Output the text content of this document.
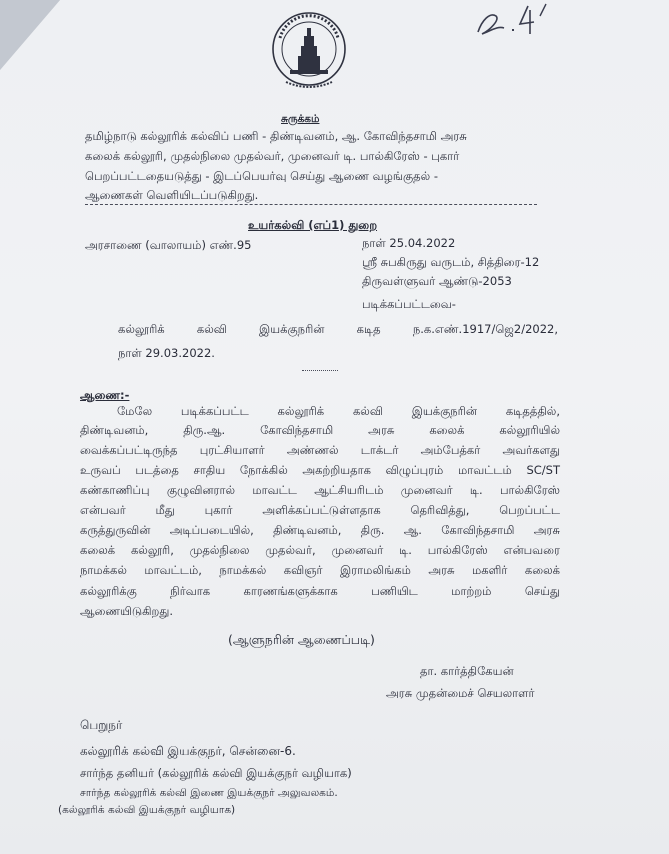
சுருக்கம்
தமிழ்நாடு கல்லூரிக் கல்விப் பணி - திண்டிவனம், ஆ. கோவிந்தசாமி அரசு
கலைக் கல்லூரி, முதல்நிலை முதல்வர், முனைவர் டி. பால்கிரேஸ் - புகார்
பெறப்பட்டதையடுத்து - இடப்பெயர்வு செய்து ஆணை வழங்குதல் -
ஆணைகள் வெளியிடப்படுகிறது.
உயர்கல்வி (எப்1) துறை
அரசாணை (வாலாயம்) எண்.95	நாள் 25.04.2022
ஸ்ரீ சுபகிருது வருடம், சித்திரை-12
திருவள்ளுவர் ஆண்டு-2053
படிக்கப்பட்டவை-
கல்லூரிக் கல்வி இயக்குநரின் கடித ந.க.எண்.1917/ஜெ2/2022,
நாள் 29.03.2022.
ஆணை:-
மேலே படிக்கப்பட்ட கல்லூரிக் கல்வி இயக்குநரின் கடிதத்தில்,
திண்டிவனம், திரு.ஆ. கோவிந்தசாமி அரசு கலைக் கல்லூரியில்
வைக்கப்பட்டிருந்த புரட்சியாளர் அண்ணல் டாக்டர் அம்பேத்கர் அவர்களது
உருவப் படத்தை சாதிய நோக்கில் அகற்றியதாக விழுப்புரம் மாவட்டம் SC/ST
கண்காணிப்பு குழுவினரால் மாவட்ட ஆட்சியரிடம் முனைவர் டி. பால்கிரேஸ்
என்பவர் மீது புகார் அளிக்கப்பட்டுள்ளதாக தெரிவித்து, பெறப்பட்ட
கருத்துருவின் அடிப்படையில், திண்டிவனம், திரு. ஆ. கோவிந்தசாமி அரசு
கலைக் கல்லூரி, முதல்நிலை முதல்வர், முனைவர் டி. பால்கிரேஸ் என்பவரை
நாமக்கல் மாவட்டம், நாமக்கல் கவிஞர் இராமலிங்கம் அரசு மகளிர் கலைக்
கல்லூரிக்கு நிர்வாக காரணங்களுக்காக பணியிட மாற்றம் செய்து
ஆணையிடுகிறது.
(ஆளுநரின் ஆணைப்படி)
தா. கார்த்திகேயன்
அரசு முதன்மைச் செயலாளர்
பெறுநர்
கல்லூரிக் கல்வி இயக்குநர், சென்னை-6.
சார்ந்த தனியர் (கல்லூரிக் கல்வி இயக்குநர் வழியாக)
சார்ந்த கல்லூரிக் கல்வி இணை இயக்குநர் அலுவலகம்.
(கல்லூரிக் கல்வி இயக்குநர் வழியாக)
